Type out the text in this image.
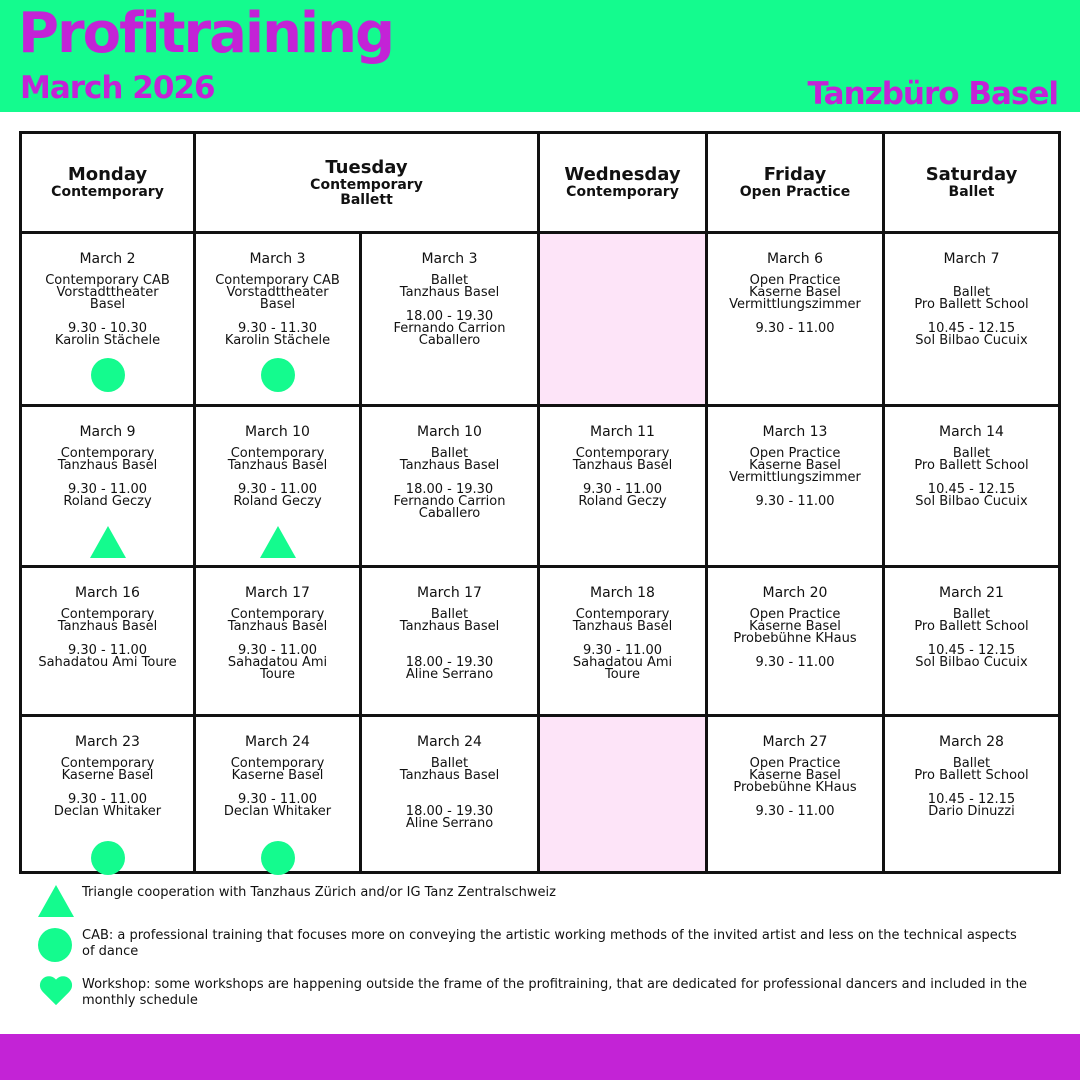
Profitraining
March 2026	Tanzbüro Basel
Monday
Contemporary
Tuesday
Contemporary
Ballett
Wednesday
Contemporary
Friday
Open Practice
Saturday
Ballet
March 2
Contemporary CAB
Vorstadttheater
Basel
9.30 - 10.30
Karolin Stächele
March 3
Contemporary CAB
Vorstadttheater
Basel
9.30 - 11.30
Karolin Stächele
March 3
Ballet
Tanzhaus Basel
18.00 - 19.30
Fernando Carrion
Caballero
March 6
Open Practice
Kaserne Basel
Vermittlungszimmer
9.30 - 11.00
March 7

Ballet
Pro Ballett School
10.45 - 12.15
Sol Bilbao Cucuix
March 9
Contemporary
Tanzhaus Basel
9.30 - 11.00
Roland Geczy
March 10
Contemporary
Tanzhaus Basel
9.30 - 11.00
Roland Geczy
March 10
Ballet
Tanzhaus Basel
18.00 - 19.30
Fernando Carrion
Caballero
March 11
Contemporary
Tanzhaus Basel
9.30 - 11.00
Roland Geczy
March 13
Open Practice
Kaserne Basel
Vermittlungszimmer
9.30 - 11.00
March 14
Ballet
Pro Ballett School
10.45 - 12.15
Sol Bilbao Cucuix
March 16
Contemporary
Tanzhaus Basel
9.30 - 11.00
Sahadatou Ami Toure
March 17
Contemporary
Tanzhaus Basel
9.30 - 11.00
Sahadatou Ami
Toure
March 17
Ballet
Tanzhaus Basel
18.00 - 19.30
Aline Serrano
March 18
Contemporary
Tanzhaus Basel
9.30 - 11.00
Sahadatou Ami
Toure
March 20
Open Practice
Kaserne Basel
Probebühne KHaus
9.30 - 11.00
March 21
Ballet
Pro Ballett School
10.45 - 12.15
Sol Bilbao Cucuix
March 23
Contemporary
Kaserne Basel
9.30 - 11.00
Declan Whitaker
March 24
Contemporary
Kaserne Basel
9.30 - 11.00
Declan Whitaker
March 24
Ballet
Tanzhaus Basel
18.00 - 19.30
Aline Serrano
March 27
Open Practice
Kaserne Basel
Probebühne KHaus
9.30 - 11.00
March 28
Ballet
Pro Ballett School
10.45 - 12.15
Dario Dinuzzi
Triangle cooperation with Tanzhaus Zürich and/or IG Tanz Zentralschweiz
CAB: a professional training that focuses more on conveying the artistic working methods of the invited artist and less on the technical aspects of dance
Workshop: some workshops are happening outside the frame of the profitraining, that are dedicated for professional dancers and included in the monthly schedule
